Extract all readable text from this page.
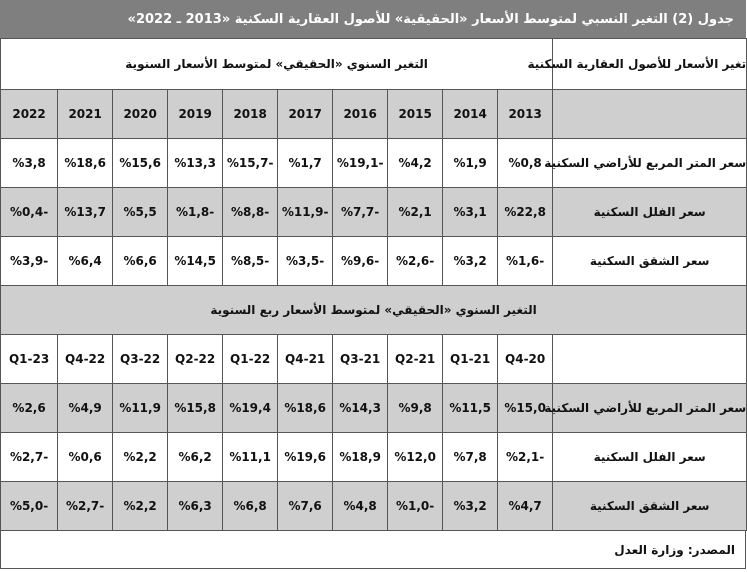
جدول (2) التغير النسبي لمتوسط الأسعار «الحقيقية» للأصول العقارية السكنية «2013 ـ 2022»
تغير الأسعار للأصول العقارية السكنية	التغير السنوي «الحقيقي» لمتوسط الأسعار السنوية									
	2013	2014	2015	2016	2017	2018	2019	2020	2021	2022
سعر المتر المربع للأراضي السكنية	%0,8	%1,9	%4,2	-%19,1	%1,7	-%15,7	%13,3	%15,6	%18,6	%3,8
سعر الفلل السكنية	%22,8	%3,1	%2,1	-%7,7	-%11,9	-%8,8	-%1,8	%5,5	%13,7	-%0,4
سعر الشقق السكنية	-%1,6	%3,2	-%2,6	-%9,6	-%3,5	-%8,5	%14,5	%6,6	%6,4	-%3,9
التغير السنوي «الحقيقي» لمتوسط الأسعار ربع السنوية										
	Q4-20	Q1-21	Q2-21	21-Q3	21-Q4	22-Q1	Q2-22	Q3-22	Q4-22	Q1-23
سعر المتر المربع للأراضي السكنية	%15,0	%11,5	%9,8	%14,3	%18,6	%19,4	%15,8	%11,9	%4,9	%2,6
سعر الفلل السكنية	-%2,1	%7,8	%12,0	%18,9	%19,6	%11,1	%6,2	%2,2	%0,6	-%2,7
سعر الشقق السكنية	%4,7	%3,2	-%1,0	%4,8	%7,6	%6,8	%6,3	%2,2	-%2,7	-%5,0
المصدر: وزارة العدل
